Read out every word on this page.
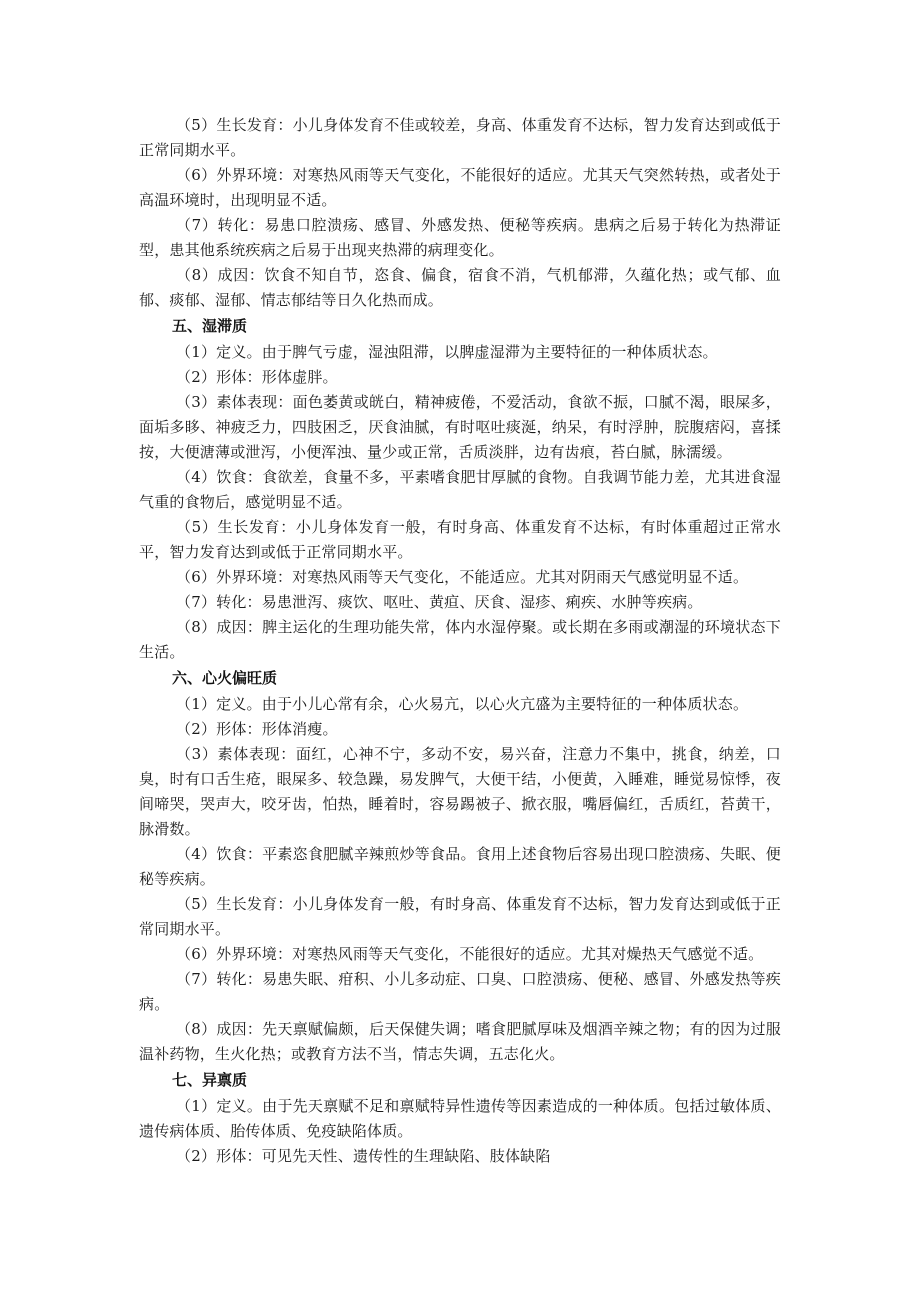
（5）生长发育：小儿身体发育不佳或较差，身高、体重发育不达标，智力发育达到或低于正常同期水平。

（6）外界环境：对寒热风雨等天气变化，不能很好的适应。尤其天气突然转热，或者处于高温环境时，出现明显不适。

（7）转化：易患口腔溃疡、感冒、外感发热、便秘等疾病。患病之后易于转化为热滞证型，患其他系统疾病之后易于出现夹热滞的病理变化。

（8）成因：饮食不知自节，恣食、偏食，宿食不消，气机郁滞，久蕴化热；或气郁、血郁、痰郁、湿郁、情志郁结等日久化热而成。

五、湿滞质

（1）定义。由于脾气亏虚，湿浊阻滞，以脾虚湿滞为主要特征的一种体质状态。

（2）形体：形体虚胖。

（3）素体表现：面色萎黄或㿠白，精神疲倦，不爱活动，食欲不振，口腻不渴，眼屎多，面垢多眵、神疲乏力，四肢困乏，厌食油腻，有时呕吐痰涎，纳呆，有时浮肿，脘腹痞闷，喜揉按，大便溏薄或泄泻，小便浑浊、量少或正常，舌质淡胖，边有齿痕，苔白腻，脉濡缓。

（4）饮食：食欲差，食量不多，平素嗜食肥甘厚腻的食物。自我调节能力差，尤其进食湿气重的食物后，感觉明显不适。

（5）生长发育：小儿身体发育一般，有时身高、体重发育不达标，有时体重超过正常水平，智力发育达到或低于正常同期水平。

（6）外界环境：对寒热风雨等天气变化，不能适应。尤其对阴雨天气感觉明显不适。

（7）转化：易患泄泻、痰饮、呕吐、黄疸、厌食、湿疹、痢疾、水肿等疾病。

（8）成因：脾主运化的生理功能失常，体内水湿停聚。或长期在多雨或潮湿的环境状态下生活。

六、心火偏旺质

（1）定义。由于小儿心常有余，心火易亢，以心火亢盛为主要特征的一种体质状态。

（2）形体：形体消瘦。

（3）素体表现：面红，心神不宁，多动不安，易兴奋，注意力不集中，挑食，纳差，口臭，时有口舌生疮，眼屎多、较急躁，易发脾气，大便干结，小便黄，入睡难，睡觉易惊悸，夜间啼哭，哭声大，咬牙齿，怕热，睡着时，容易踢被子、掀衣服，嘴唇偏红，舌质红，苔黄干，脉滑数。

（4）饮食：平素恣食肥腻辛辣煎炒等食品。食用上述食物后容易出现口腔溃疡、失眠、便秘等疾病。

（5）生长发育：小儿身体发育一般，有时身高、体重发育不达标，智力发育达到或低于正常同期水平。

（6）外界环境：对寒热风雨等天气变化，不能很好的适应。尤其对燥热天气感觉不适。

（7）转化：易患失眠、疳积、小儿多动症、口臭、口腔溃疡、便秘、感冒、外感发热等疾病。

（8）成因：先天禀赋偏颇，后天保健失调；嗜食肥腻厚味及烟酒辛辣之物；有的因为过服温补药物，生火化热；或教育方法不当，情志失调，五志化火。

七、异禀质

（1）定义。由于先天禀赋不足和禀赋特异性遗传等因素造成的一种体质。包括过敏体质、遗传病体质、胎传体质、免疫缺陷体质。

（2）形体：可见先天性、遗传性的生理缺陷、肢体缺陷
